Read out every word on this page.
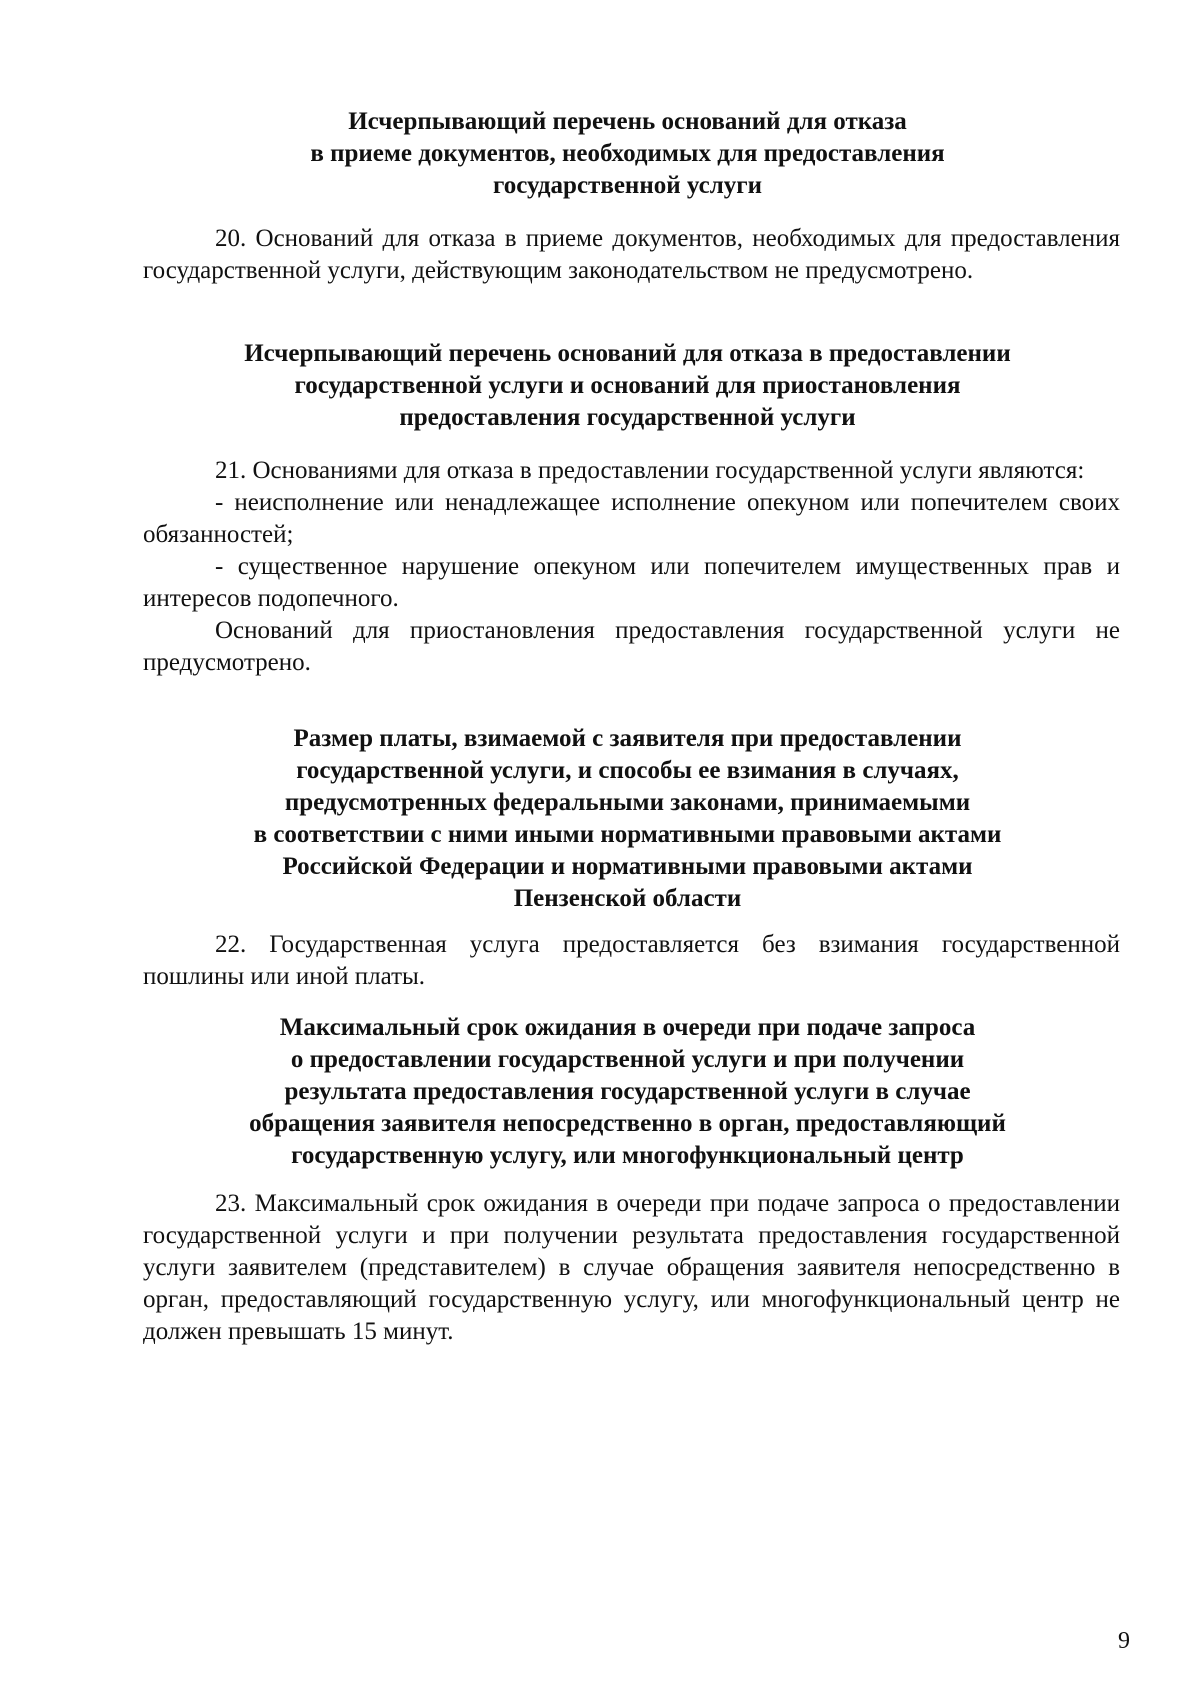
Исчерпывающий перечень оснований для отказа
в приеме документов, необходимых для предоставления
государственной услуги

20. Оснований для отказа в приеме документов, необходимых для предоставления государственной услуги, действующим законодательством не предусмотрено.

Исчерпывающий перечень оснований для отказа в предоставлении
государственной услуги и оснований для приостановления
предоставления государственной услуги

21. Основаниями для отказа в предоставлении государственной услуги являются:

- неисполнение или ненадлежащее исполнение опекуном или попечителем своих обязанностей;

- существенное нарушение опекуном или попечителем имущественных прав и интересов подопечного.

Оснований для приостановления предоставления государственной услуги не предусмотрено.

Размер платы, взимаемой с заявителя при предоставлении
государственной услуги, и способы ее взимания в случаях,
предусмотренных федеральными законами, принимаемыми
в соответствии с ними иными нормативными правовыми актами
Российской Федерации и нормативными правовыми актами
Пензенской области

22. Государственная услуга предоставляется без взимания государственной пошлины или иной платы.

Максимальный срок ожидания в очереди при подаче запроса
о предоставлении государственной услуги и при получении
результата предоставления государственной услуги в случае
обращения заявителя непосредственно в орган, предоставляющий
государственную услугу, или многофункциональный центр

23. Максимальный срок ожидания в очереди при подаче запроса о предоставлении государственной услуги и при получении результата предоставления государственной услуги заявителем (представителем) в случае обращения заявителя непосредственно в орган, предоставляющий государственную услугу, или многофункциональный центр не должен превышать 15 минут.

9
